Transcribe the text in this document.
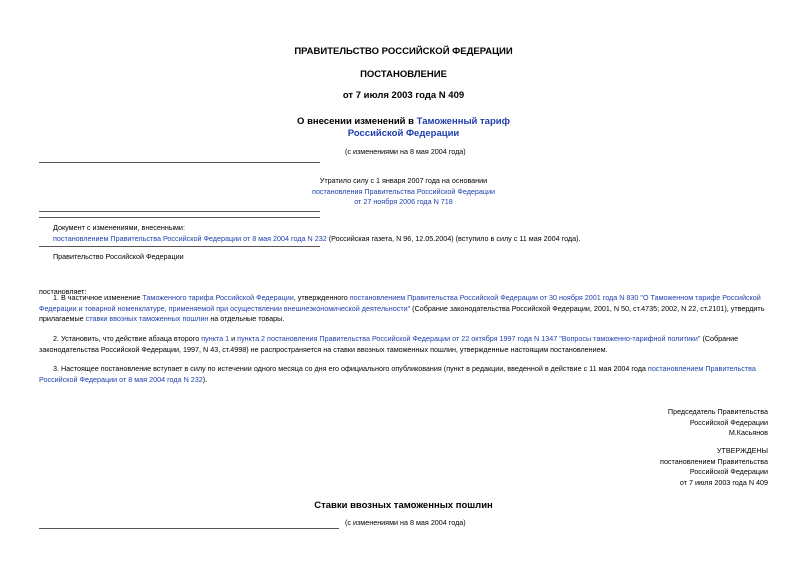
ПРАВИТЕЛЬСТВО РОССИЙСКОЙ ФЕДЕРАЦИИ
ПОСТАНОВЛЕНИЕ
от 7 июля 2003 года N 409
О внесении изменений в Таможенный тариф
Российской Федерации
(с изменениями на 8 мая 2004 года)
Утратило силу с 1 января 2007 года на основании
постановления Правительства Российской Федерации
от 27 ноября 2006 года N 718
Документ с изменениями, внесенными:
постановлением Правительства Российской Федерации от 8 мая 2004 года N 232 (Российская газета, N 96, 12.05.2004) (вступило в силу с 11 мая 2004 года).
Правительство Российской Федерации
постановляет:
1. В частичное изменение Таможенного тарифа Российской Федерации, утвержденного постановлением Правительства Российской Федерации от 30 ноября 2001 года N 830 "О Таможенном тарифе Российской Федерации и товарной номенклатуре, применяемой при осуществлении внешнеэкономической деятельности" (Собрание законодательства Российской Федерации, 2001, N 50, ст.4735; 2002, N 22, ст.2101), утвердить прилагаемые ставки ввозных таможенных пошлин на отдельные товары.
2. Установить, что действие абзаца второго пункта 1 и пункта 2 постановления Правительства Российской Федерации от 22 октября 1997 года N 1347 "Вопросы таможенно-тарифной политики" (Собрание законодательства Российской Федерации, 1997, N 43, ст.4998) не распространяется на ставки ввозных таможенных пошлин, утвержденные настоящим постановлением.
3. Настоящее постановление вступает в силу по истечении одного месяца со дня его официального опубликования (пункт в редакции, введенной в действие с 11 мая 2004 года постановлением Правительства Российской Федерации от 8 мая 2004 года N 232).
Председатель Правительства
Российской Федерации
М.Касьянов
УТВЕРЖДЕНЫ
постановлением Правительства
Российской Федерации
от 7 июля 2003 года N 409
Ставки ввозных таможенных пошлин
(с изменениями на 8 мая 2004 года)
